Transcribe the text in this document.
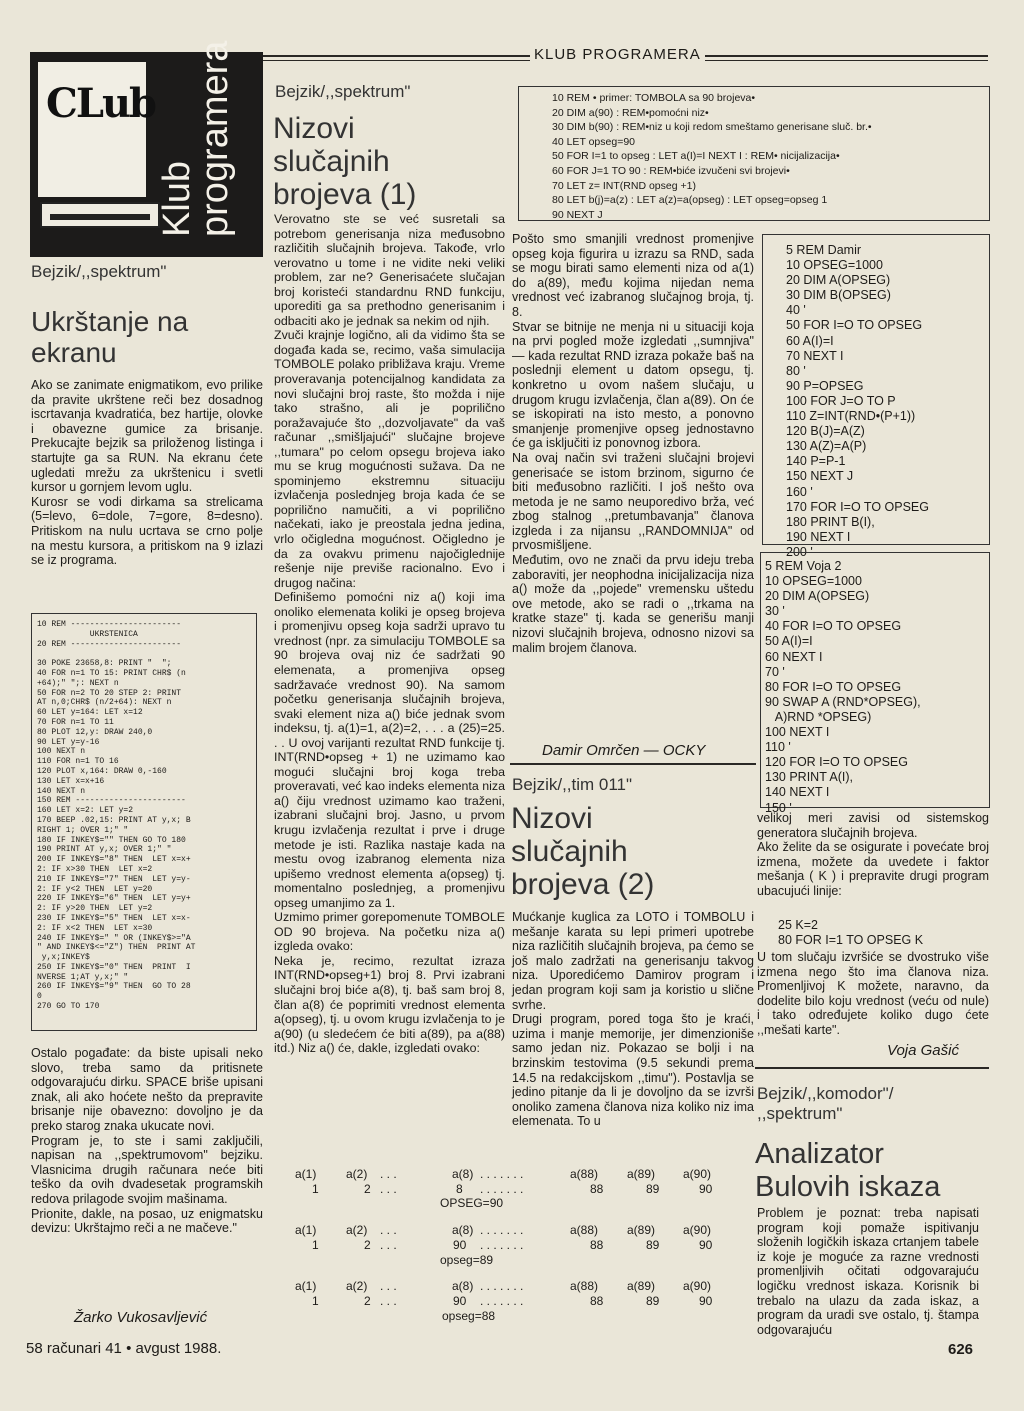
KLUB PROGRAMERA
CLub
Klub
programera
Bejzik/,,spektrum"
Ukrštanje na
ekranu
Ako se zanimate enigmatikom, evo prilike da pravite ukrštene reči bez dosadnog iscrtavanja kvadratića, bez hartije, olovke i obavezne gumice za brisanje. Prekucajte bejzik sa priloženog listinga i startujte ga sa RUN. Na ekranu ćete ugledati mrežu za ukrštenicu i svetli kursor u gornjem levom uglu.
Kurosr se vodi dirkama sa strelicama (5=levo, 6=dole, 7=gore, 8=desno). Pritiskom na nulu ucrtava se crno polje na mestu kursora, a pritiskom na 9 izlazi se iz programa.
10 REM -----------------------
UKRSTENICA
20 REM -----------------------

30 POKE 23658,8: PRINT "  ";
40 FOR n=1 TO 15: PRINT CHR$ (n
+64);" ";: NEXT n
50 FOR n=2 TO 20 STEP 2: PRINT
AT n,0;CHR$ (n/2+64): NEXT n
60 LET y=164: LET x=12
70 FOR n=1 TO 11
80 PLOT 12,y: DRAW 240,0
90 LET y=y-16
100 NEXT n
110 FOR n=1 TO 16
120 PLOT x,164: DRAW 0,-160
130 LET x=x+16
140 NEXT n
150 REM -----------------------
160 LET x=2: LET y=2
170 BEEP .02,15: PRINT AT y,x; B
RIGHT 1; OVER 1;" "
180 IF INKEY$="" THEN GO TO 180
190 PRINT AT y,x; OVER 1;" "
200 IF INKEY$="8" THEN  LET x=x+
2: IF x>30 THEN  LET x=2
210 IF INKEY$="7" THEN  LET y=y-
2: IF y<2 THEN  LET y=20
220 IF INKEY$="6" THEN  LET y=y+
2: IF y>20 THEN  LET y=2
230 IF INKEY$="5" THEN  LET x=x-
2: IF x<2 THEN  LET x=30
240 IF INKEY$=" " OR (INKEY$>="A
" AND INKEY$<="Z") THEN  PRINT AT
y,x;INKEY$
250 IF INKEY$="0" THEN  PRINT  I
NVERSE 1;AT y,x;" "
260 IF INKEY$="9" THEN  GO TO 28
0
270 GO TO 170
Ostalo pogađate: da biste upisali neko slovo, treba samo da pritisnete odgovarajuću dirku. SPACE briše upisani znak, ali ako hoćete nešto da prepravite brisanje nije obavezno: dovoljno je da preko starog znaka ukucate novi.
Program je, to ste i sami zaključili, napisan na ,,spektrumovom" bejziku. Vlasnicima drugih računara neće biti teško da ovih dvadesetak programskih redova prilagode svojim mašinama.
Prionite, dakle, na posao, uz enigmatsku devizu: Ukrštajmo reči a ne mačeve."
Žarko Vukosavljević
58 računari 41 • avgust 1988.	626
Bejzik/,,spektrum"
Nizovi
slučajnih
brojeva (1)
Verovatno ste se već susretali sa potrebom generisanja niza međusobno različitih slučajnih brojeva. Takođe, vrlo verovatno u tome i ne vidite neki veliki problem, zar ne? Generisaćete slučajan broj koristeći standardnu RND funkciju, uporediti ga sa prethodno generisanim i odbaciti ako je jednak sa nekim od njih.
Zvuči krajnje logično, ali da vidimo šta se događa kada se, recimo, vaša simulacija TOMBOLE polako približava kraju. Vreme proveravanja potencijalnog kandidata za novi slučajni broj raste, što možda i nije tako strašno, ali je poprilično poražavajuće što ,,dozvoljavate" da vaš računar ,,smišljajući" slučajne brojeve ,,tumara" po celom opsegu brojeva iako mu se krug mogućnosti sužava. Da ne spominjemo ekstremnu situaciju izvlačenja poslednjeg broja kada će se poprilično namučiti, a vi poprilično načekati, iako je preostala jedna jedina, vrlo očigledna mogućnost. Očigledno je da za ovakvu primenu najočiglednije rešenje nije previše racionalno. Evo i drugog načina:
Definišemo pomoćni niz a() koji ima onoliko elemenata koliki je opseg brojeva i promenjivu opseg koja sadrži upravo tu vrednost (npr. za simulaciju TOMBOLE sa 90 brojeva ovaj niz će sadržati 90 elemenata, a promenjiva opseg sadržavaće vrednost 90). Na samom početku generisanja slučajnih brojeva, svaki element niza a() biće jednak svom indeksu, tj. a(1)=1, a(2)=2, . . . a (25)=25. . . U ovoj varijanti rezultat RND funkcije tj. INT(RND•opseg + 1) ne uzimamo kao mogući slučajni broj koga treba proveravati, već kao indeks elementa niza a() čiju vrednost uzimamo kao traženi, izabrani slučajni broj. Jasno, u prvom krugu izvlačenja rezultat i prve i druge metode je isti. Razlika nastaje kada na mestu ovog izabranog elementa niza upišemo vrednost elementa a(opseg) tj. momentalno poslednjeg, a promenjivu opseg umanjimo za 1.
Uzmimo primer gorepomenute TOMBOLE OD 90 brojeva. Na početku niza a() izgleda ovako:
Neka je, recimo, rezultat izraza INT(RND•opseg+1) broj 8. Prvi izabrani slučajni broj biće a(8), tj. baš sam broj 8, član a(8) će poprimiti vrednost elementa a(opseg), tj. u ovom krugu izvlačenja to je a(90) (u sledećem će biti a(89), pa a(88) itd.) Niz a() će, dakle, izgledati ovako:
10 REM • primer: TOMBOLA sa 90 brojeva•
20 DIM a(90) : REM•pomoćni niz•
30 DIM b(90) : REM•niz u koji redom smeštamo generisane sluč. br.•
40 LET opseg=90
50 FOR I=1 to opseg : LET a(I)=I NEXT I : REM• nicijalizacija•
60 FOR J=1 TO 90 : REM•biće izvučeni svi brojevi•
70 LET z= INT(RND opseg +1)
80 LET b(j)=a(z) : LET a(z)=a(opseg) : LET opseg=opseg 1
90 NEXT J
Pošto smo smanjili vrednost promenjive opseg koja figurira u izrazu sa RND, sada se mogu birati samo elementi niza od a(1) do a(89), među kojima nijedan nema vrednost već izabranog slučajnog broja, tj. 8.
Stvar se bitnije ne menja ni u situaciji koja na prvi pogled može izgledati ,,sumnjiva" — kada rezultat RND izraza pokaže baš na poslednji element u datom opsegu, tj. konkretno u ovom našem slučaju, u drugom krugu izvlačenja, član a(89). On će se iskopirati na isto mesto, a ponovno smanjenje promenjive opseg jednostavno će ga isključiti iz ponovnog izbora.
Na ovaj način svi traženi slučajni brojevi generisaće se istom brzinom, sigurno će biti međusobno različiti. I još nešto ova metoda je ne samo neuporedivo brža, već zbog stalnog ,,pretumbavanja" članova izgleda i za nijansu ,,RANDOMNIJA" od prvosmišljene.
Međutim, ovo ne znači da prvu ideju treba zaboraviti, jer neophodna inicijalizacija niza a() može da ,,pojede" vremensku uštedu ove metode, ako se radi o ,,trkama na kratke staze" tj. kada se generišu manji nizovi slučajnih brojeva, odnosno nizovi sa malim brojem članova.
Damir Omrčen — OCKY
a(1) a(2) . . .	a(8) . . . . . . .	a(88) a(89) a(90)
1	2 . . .	8 . . . . . . .	88	89	90
OPSEG=90
a(1) a(2) . . .	a(8) . . . . . . .	a(88) a(89) a(90)
1	2 . . .	90 . . . . . . .	88	89	90
opseg=89
a(1) a(2) . . .	a(8) . . . . . . .	a(88) a(89) a(90)
1	2 . . .	90 . . . . . . .	88	89	90
opseg=88
Bejzik/,,tim 011"
Nizovi
slučajnih
brojeva (2)
Mućkanje kuglica za LOTO i TOMBOLU i mešanje karata su lepi primeri upotrebe niza različitih slučajnih brojeva, pa ćemo se još malo zadržati na generisanju takvog niza. Uporedićemo Damirov program i jedan program koji sam ja koristio u slične svrhe.
Drugi program, pored toga što je kraći, uzima i manje memorije, jer dimenzioniše samo jedan niz. Pokazao se bolji i na brzinskim testovima (9.5 sekundi prema 14.5 na redakcijskom ,,timu"). Postavlja se jedino pitanje da li je dovoljno da se izvrši onoliko zamena članova niza koliko niz ima elemenata. To u
5 REM Damir
10 OPSEG=1000
20 DIM A(OPSEG)
30 DIM B(OPSEG)
40 '
50 FOR I=O TO OPSEG
60 A(I)=I
70 NEXT I
80 '
90 P=OPSEG
100 FOR J=O TO P
110 Z=INT(RND•(P+1))
120 B(J)=A(Z)
130 A(Z)=A(P)
140 P=P-1
150 NEXT J
160 '
170 FOR I=O TO OPSEG
180 PRINT B(I),
190 NEXT I
200 '
5 REM Voja 2
10 OPSEG=1000
20 DIM A(OPSEG)
30 '
40 FOR I=O TO OPSEG
50 A(I)=I
60 NEXT I
70 '
80 FOR I=O TO OPSEG
90 SWAP A (RND*OPSEG),
A)RND *OPSEG)
100 NEXT I
110 '
120 FOR I=O TO OPSEG
130 PRINT A(I),
140 NEXT I
150 '
velikoj meri zavisi od sistemskog generatora slučajnih brojeva.
Ako želite da se osigurate i povećate broj izmena, možete da uvedete i faktor mešanja ( K ) i prepravite drugi program ubacujući linije:
25 K=2
80 FOR I=1 TO OPSEG K
U tom slučaju izvršiće se dvostruko više izmena nego što ima članova niza. Promenljivoj K možete, naravno, da dodelite bilo koju vrednost (veću od nule) i tako određujete koliko dugo ćete ,,mešati karte".
Voja Gašić
Bejzik/,,komodor"/
,,spektrum"
Analizator
Bulovih iskaza
Problem je poznat: treba napisati program koji pomaže ispitivanju složenih logičkih iskaza crtanjem tabele iz koje je moguće za razne vrednosti promenljivih očitati odgovarajuću logičku vrednost iskaza. Korisnik bi trebalo na ulazu da zada iskaz, a program da uradi sve ostalo, tj. štampa odgovarajuću
